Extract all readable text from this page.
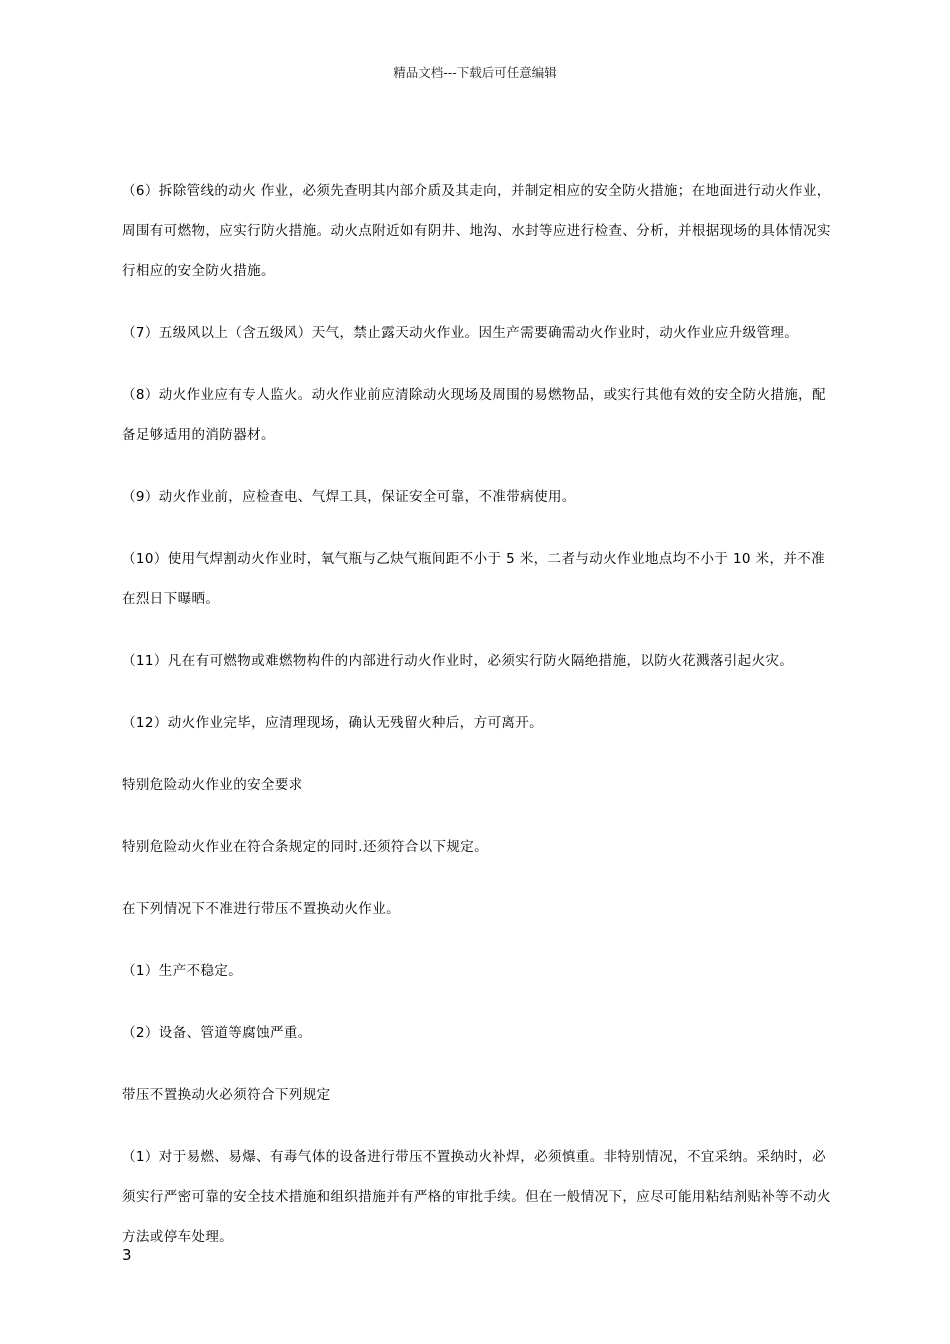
精品文档---下载后可任意编辑

（6）拆除管线的动火 作业，必须先查明其内部介质及其走向，并制定相应的安全防火措施；在地面进行动火作业，周围有可燃物，应实行防火措施。动火点附近如有阴井、地沟、水封等应进行检查、分析，并根据现场的具体情况实行相应的安全防火措施。

（7）五级风以上（含五级风）天气，禁止露天动火作业。因生产需要确需动火作业时，动火作业应升级管理。

（8）动火作业应有专人监火。动火作业前应清除动火现场及周围的易燃物品，或实行其他有效的安全防火措施，配备足够适用的消防器材。

（9）动火作业前，应检查电、气焊工具，保证安全可靠，不准带病使用。

（10）使用气焊割动火作业时，氧气瓶与乙炔气瓶间距不小于 5 米，二者与动火作业地点均不小于 10 米，并不准在烈日下曝晒。

（11）凡在有可燃物或难燃物构件的内部进行动火作业时，必须实行防火隔绝措施，以防火花溅落引起火灾。

（12）动火作业完毕，应清理现场，确认无残留火种后，方可离开。

特别危险动火作业的安全要求

特别危险动火作业在符合条规定的同时.还须符合以下规定。

在下列情况下不准进行带压不置换动火作业。

（1）生产不稳定。

（2）设备、管道等腐蚀严重。

带压不置换动火必须符合下列规定

（1）对于易燃、易爆、有毒气体的设备进行带压不置换动火补焊，必须慎重。非特别情况，不宜采纳。采纳时，必须实行严密可靠的安全技术措施和组织措施并有严格的审批手续。但在一般情况下，应尽可能用粘结剂贴补等不动火方法或停车处理。

3
